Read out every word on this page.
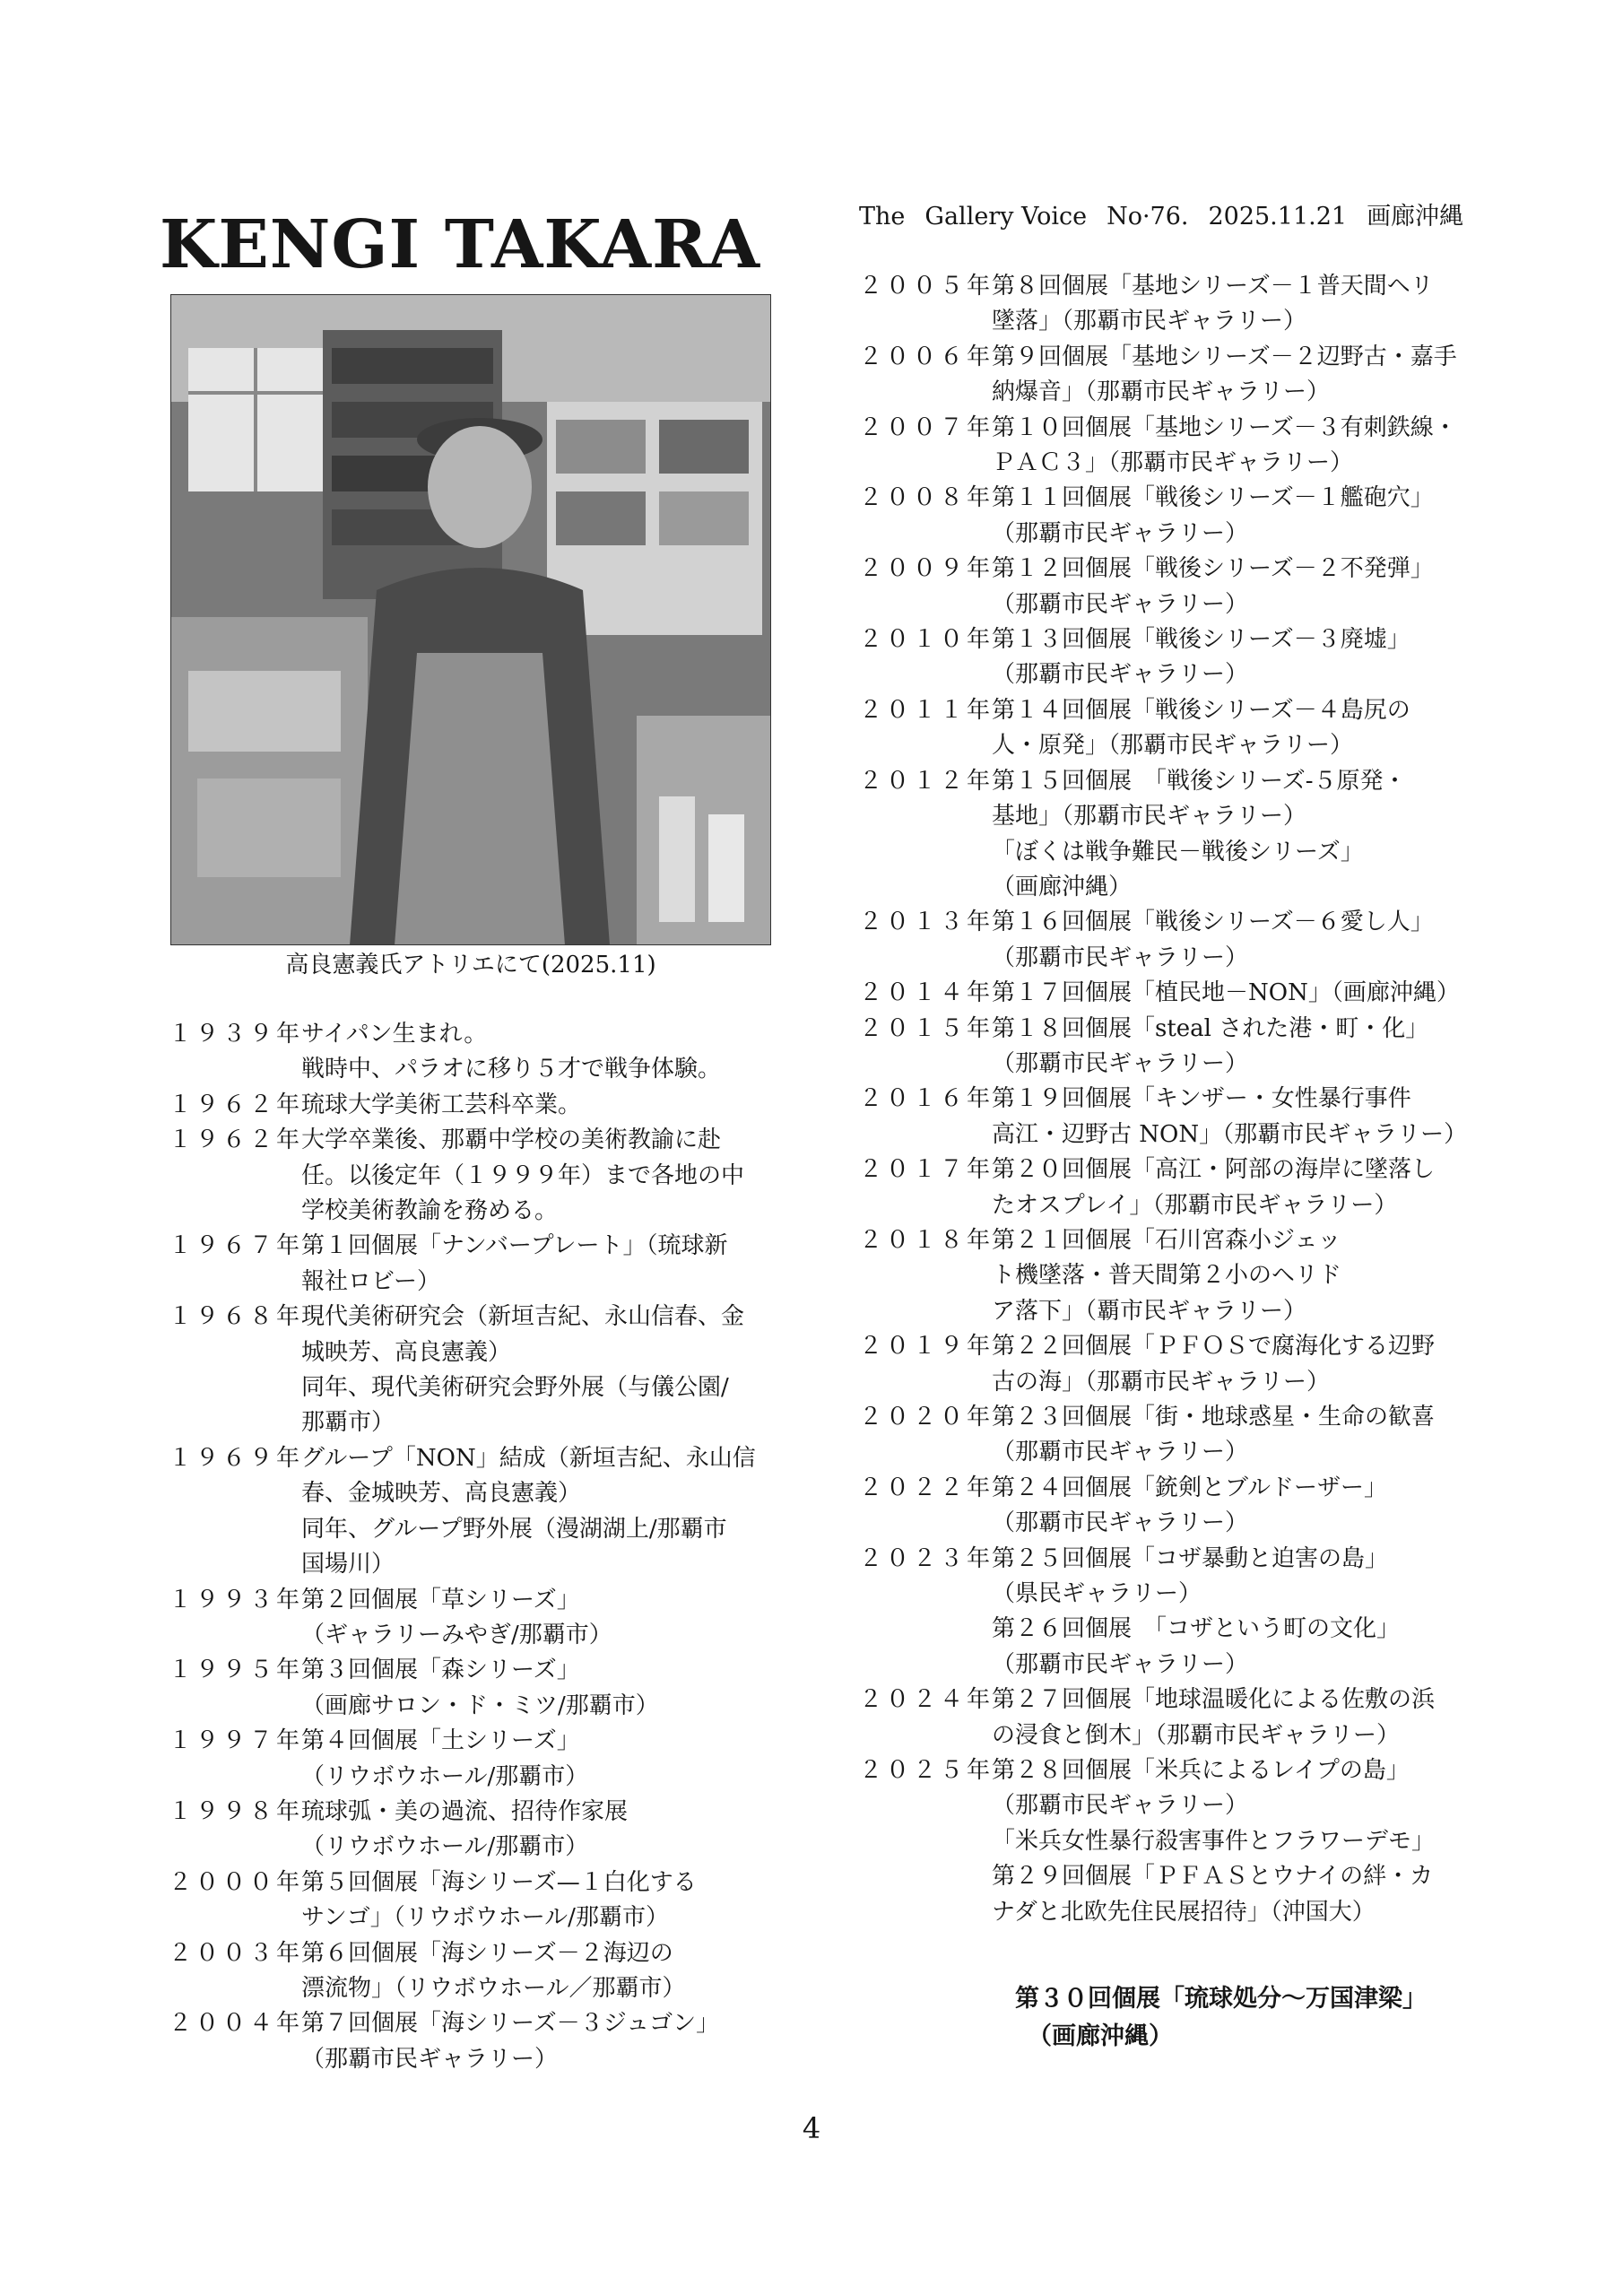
KENGI TAKARA	The Gallery Voice No·76. 2025.11.21 画廊沖縄
高良憲義氏アトリエにて(2025.11)
１９３９年
サイパン生まれ。
戦時中、パラオに移り５才で戦争体験。
１９６２年
琉球大学美術工芸科卒業。
１９６２年
大学卒業後、那覇中学校の美術教諭に赴
任。以後定年（１９９９年）まで各地の中
学校美術教諭を務める。
１９６７年
第１回個展「ナンバープレート」（琉球新
報社ロビー）
１９６８年
現代美術研究会（新垣吉紀、永山信春、金
城映芳、高良憲義）
同年、現代美術研究会野外展（与儀公園/
那覇市）
１９６９年
グループ「NON」結成（新垣吉紀、永山信
春、金城映芳、高良憲義）
同年、グループ野外展（漫湖湖上/那覇市
国場川）
１９９３年
第２回個展「草シリーズ」
（ギャラリーみやぎ/那覇市）
１９９５年
第３回個展「森シリーズ」
（画廊サロン・ド・ミツ/那覇市）
１９９７年
第４回個展「土シリーズ」
（リウボウホール/那覇市）
１９９８年
琉球弧・美の過流、招待作家展
（リウボウホール/那覇市）
２０００年
第５回個展「海シリーズ—１白化する
サンゴ」（リウボウホール/那覇市）
２００３年
第６回個展「海シリーズ－２海辺の
漂流物」（リウボウホール／那覇市）
２００４年
第７回個展「海シリーズ－３ジュゴン」
（那覇市民ギャラリー）
２００５年
第８回個展「基地シリーズ－１普天間ヘリ
墜落」（那覇市民ギャラリー）
２００６年
第９回個展「基地シリーズ－２辺野古・嘉手
納爆音」（那覇市民ギャラリー）
２００７年
第１０回個展「基地シリーズ－３有刺鉄線・
ＰＡＣ３」（那覇市民ギャラリー）
２００８年
第１１回個展「戦後シリーズ－１艦砲穴」
（那覇市民ギャラリー）
２００９年
第１２回個展「戦後シリーズ－２不発弾」
（那覇市民ギャラリー）
２０１０年
第１３回個展「戦後シリーズ－３廃墟」
（那覇市民ギャラリー）
２０１１年
第１４回個展「戦後シリーズ－４島尻の
人・原発」（那覇市民ギャラリー）
２０１２年
第１５回個展　「戦後シリーズ-５原発・
基地」（那覇市民ギャラリー）
「ぼくは戦争難民－戦後シリーズ」
（画廊沖縄）
２０１３年
第１６回個展「戦後シリーズ－６愛し人」
（那覇市民ギャラリー）
２０１４年
第１７回個展「植民地－NON」（画廊沖縄）
２０１５年
第１８回個展「steal された港・町・化」
（那覇市民ギャラリー）
２０１６年
第１９回個展「キンザー・女性暴行事件
高江・辺野古 NON」（那覇市民ギャラリー）
２０１７年
第２０回個展「高江・阿部の海岸に墜落し
たオスプレイ」（那覇市民ギャラリー）
２０１８年
第２１回個展「石川宮森小ジェッ
ト機墜落・普天間第２小のヘリド
ア落下」（覇市民ギャラリー）
２０１９年
第２２回個展「ＰＦＯＳで腐海化する辺野
古の海」（那覇市民ギャラリー）
２０２０年
第２３回個展「街・地球惑星・生命の歓喜
（那覇市民ギャラリー）
２０２２年
第２４回個展「銃剣とブルドーザー」
（那覇市民ギャラリー）
２０２３年
第２５回個展「コザ暴動と迫害の島」
（県民ギャラリー）
第２６回個展　「コザという町の文化」
（那覇市民ギャラリー）
２０２４年
第２７回個展「地球温暖化による佐敷の浜
の浸食と倒木」（那覇市民ギャラリー）
２０２５年
第２８回個展「米兵によるレイプの島」
（那覇市民ギャラリー）
「米兵女性暴行殺害事件とフラワーデモ」
第２９回個展「ＰＦＡＳとウナイの絆・カ
ナダと北欧先住民展招待」（沖国大）
第３０回個展「琉球処分～万国津梁」
（画廊沖縄）
4
